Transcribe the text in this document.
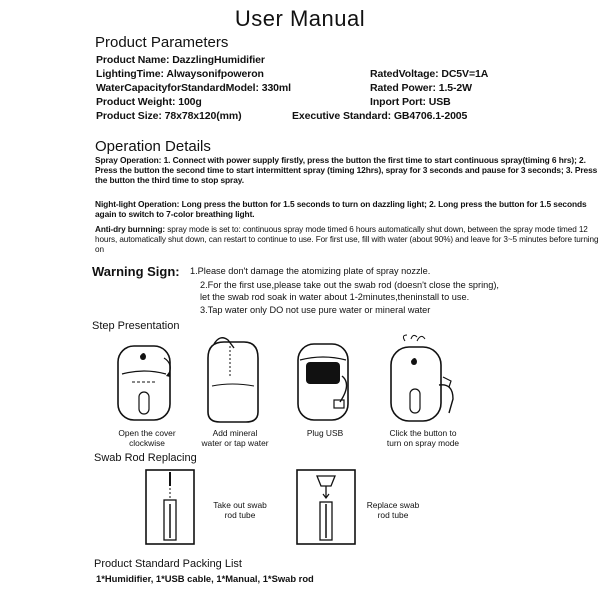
User Manual
Product Parameters
Product Name: DazzlingHumidifier
LightingTime: Alwaysonifpoweron
WaterCapacityforStandardModel: 330ml
Product Weight: 100g
Product Size: 78x78x120(mm)
RatedVoltage: DC5V=1A
Rated Power: 1.5-2W
Inport Port: USB
Executive Standard: GB4706.1-2005
Operation Details
Spray Operation: 1. Connect with power supply firstly, press the button the first time to start continuous spray(timing 6 hrs); 2. Press the button the second time to start intermittent spray (timing 12hrs), spray for 3 seconds and pause for 3 seconds; 3. Press the button the third time to stop spray.
Night-light Operation: Long press the button for 1.5 seconds to turn on dazzling light; 2. Long press the button for 1.5 seconds again to switch to 7-color breathing light.
Anti-dry burnning: spray mode is set to: continuous spray mode timed 6 hours automatically shut down, between the spray mode timed 12 hours, automatically shut down, can restart to continue to use. For first use, fill with water (about 90%) and leave for 3~5 minutes before turning on
Warning Sign: 1.Please don't damage the atomizing plate of spray nozzle.
2.For the first use,please take out the swab rod (doesn't close the spring),
let the swab rod soak in water about 1-2minutes,theninstall to use.
3.Tap water only DO not use pure water or mineral water
Step Presentation
Open the cover
clockwise
Add mineral
water or tap water
Plug USB	Click the button to
turn on spray mode
Swab Rod Replacing
Take out swab
rod tube
Replace swab
rod tube
Product Standard Packing List
1*Humidifier, 1*USB cable, 1*Manual, 1*Swab rod
